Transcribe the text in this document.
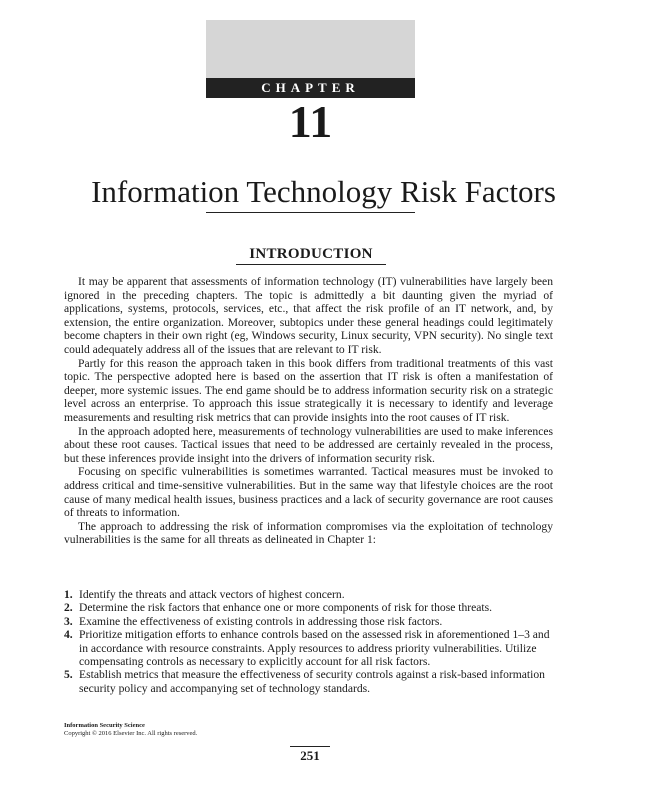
CHAPTER
11
Information Technology Risk Factors
INTRODUCTION

It may be apparent that assessments of information technology (IT) vulnerabilities have largely been ignored in the preceding chapters. The topic is admittedly a bit daunting given the myriad of applications, systems, protocols, services, etc., that affect the risk profile of an IT network, and, by extension, the entire organization. Moreover, subtopics under these general headings could legitimately become chapters in their own right (eg, Windows security, Linux security, VPN security). No single text could adequately address all of the issues that are relevant to IT risk.

Partly for this reason the approach taken in this book differs from traditional treatments of this vast topic. The perspective adopted here is based on the assertion that IT risk is often a manifestation of deeper, more systemic issues. The end game should be to address information security risk on a strategic level across an enterprise. To approach this issue strategically it is necessary to identify and leverage measurements and resulting risk metrics that can provide insights into the root causes of IT risk.

In the approach adopted here, measurements of technology vulnerabilities are used to make inferences about these root causes. Tactical issues that need to be addressed are certainly revealed in the process, but these inferences provide insight into the drivers of information security risk.

Focusing on specific vulnerabilities is sometimes warranted. Tactical measures must be invoked to address critical and time-sensitive vulnerabilities. But in the same way that lifestyle choices are the root cause of many medical health issues, business practices and a lack of security governance are root causes of threats to information.

The approach to addressing the risk of information compromises via the exploitation of technology vulnerabilities is the same for all threats as delineated in Chapter 1:

1. Identify the threats and attack vectors of highest concern.
2. Determine the risk factors that enhance one or more components of risk for those threats.
3. Examine the effectiveness of existing controls in addressing those risk factors.
4. Prioritize mitigation efforts to enhance controls based on the assessed risk in aforementioned 1–3 and in accordance with resource constraints. Apply resources to address priority vulnerabilities. Utilize compensating controls as necessary to explicitly account for all risk factors.
5. Establish metrics that measure the effectiveness of security controls against a risk-based information security policy and accompanying set of technology standards.
Information Security Science
Copyright © 2016 Elsevier Inc. All rights reserved.
251
